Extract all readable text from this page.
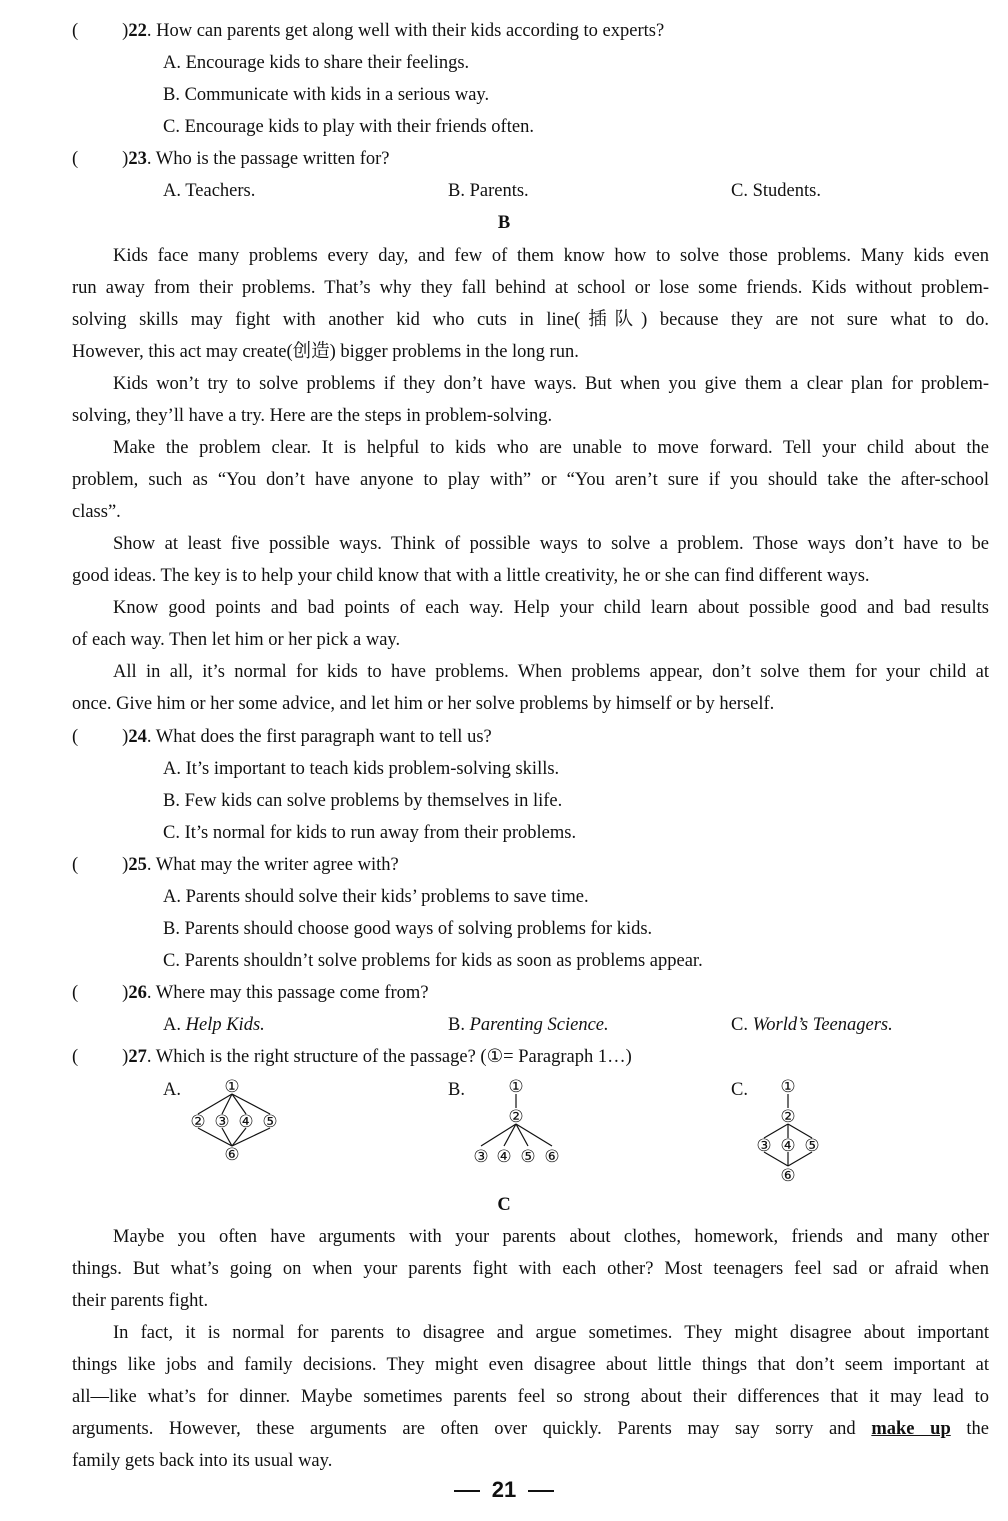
( )22. How can parents get along well with their kids according to experts?
A. Encourage kids to share their feelings.
B. Communicate with kids in a serious way.
C. Encourage kids to play with their friends often.
( )23. Who is the passage written for?
A. Teachers.	B. Parents.	C. Students.
B
Kids face many problems every day, and few of them know how to solve those problems. Many kids even
run away from their problems. That’s why they fall behind at school or lose some friends. Kids without problem-
solving skills may fight with another kid who cuts in line(插队) because they are not sure what to do.
However, this act may create(创造) bigger problems in the long run.
Kids won’t try to solve problems if they don’t have ways. But when you give them a clear plan for problem-
solving, they’ll have a try. Here are the steps in problem-solving.
Make the problem clear. It is helpful to kids who are unable to move forward. Tell your child about the
problem, such as “You don’t have anyone to play with” or “You aren’t sure if you should take the after-school
class”.
Show at least five possible ways. Think of possible ways to solve a problem. Those ways don’t have to be
good ideas. The key is to help your child know that with a little creativity, he or she can find different ways.
Know good points and bad points of each way. Help your child learn about possible good and bad results
of each way. Then let him or her pick a way.
All in all, it’s normal for kids to have problems. When problems appear, don’t solve them for your child at
once. Give him or her some advice, and let him or her solve problems by himself or by herself.
( )24. What does the first paragraph want to tell us?
A. It’s important to teach kids problem-solving skills.
B. Few kids can solve problems by themselves in life.
C. It’s normal for kids to run away from their problems.
( )25. What may the writer agree with?
A. Parents should solve their kids’ problems to save time.
B. Parents should choose good ways of solving problems for kids.
C. Parents shouldn’t solve problems for kids as soon as problems appear.
( )26. Where may this passage come from?
A. Help Kids.	B. Parenting Science.	C. World’s Teenagers.
( )27. Which is the right structure of the passage? (①= Paragraph 1…)
A.	B.	C.
①
② ③ ④ ⑤
⑥
①
②
③ ④ ⑤ ⑥
①
②
③ ④ ⑤
⑥
C
Maybe you often have arguments with your parents about clothes, homework, friends and many other
things. But what’s going on when your parents fight with each other? Most teenagers feel sad or afraid when
their parents fight.
In fact, it is normal for parents to disagree and argue sometimes. They might disagree about important
things like jobs and family decisions. They might even disagree about little things that don’t seem important at
all—like what’s for dinner. Maybe sometimes parents feel so strong about their differences that it may lead to
arguments. However, these arguments are often over quickly. Parents may say sorry and make up the
family gets back into its usual way.
21
